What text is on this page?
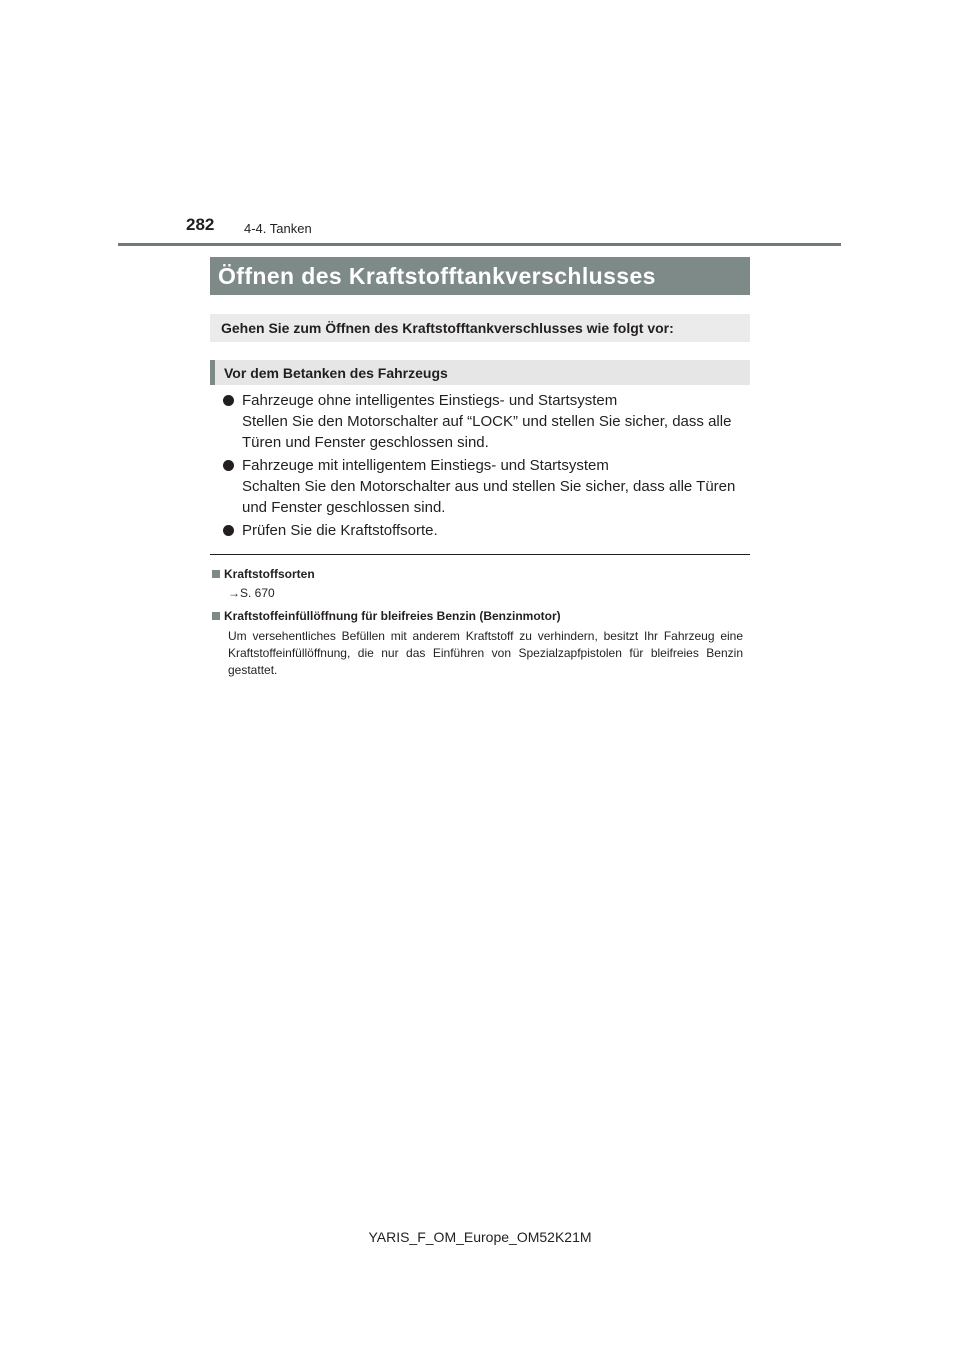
282 4-4. Tanken
Öffnen des Kraftstofftankverschlusses
Gehen Sie zum Öffnen des Kraftstofftankverschlusses wie folgt vor:
Vor dem Betanken des Fahrzeugs
Fahrzeuge ohne intelligentes Einstiegs- und Startsystem
Stellen Sie den Motorschalter auf “LOCK” und stellen Sie sicher, dass alle
Türen und Fenster geschlossen sind.
Fahrzeuge mit intelligentem Einstiegs- und Startsystem
Schalten Sie den Motorschalter aus und stellen Sie sicher, dass alle Türen
und Fenster geschlossen sind.
Prüfen Sie die Kraftstoffsorte.
Kraftstoffsorten
→S. 670
Kraftstoffeinfüllöffnung für bleifreies Benzin (Benzinmotor)
Um versehentliches Befüllen mit anderem Kraftstoff zu verhindern, besitzt Ihr Fahrzeug eine Kraftstoffeinfüllöffnung, die nur das Einführen von Spezialzapfpistolen für bleifreies Benzin gestattet.
YARIS_F_OM_Europe_OM52K21M
